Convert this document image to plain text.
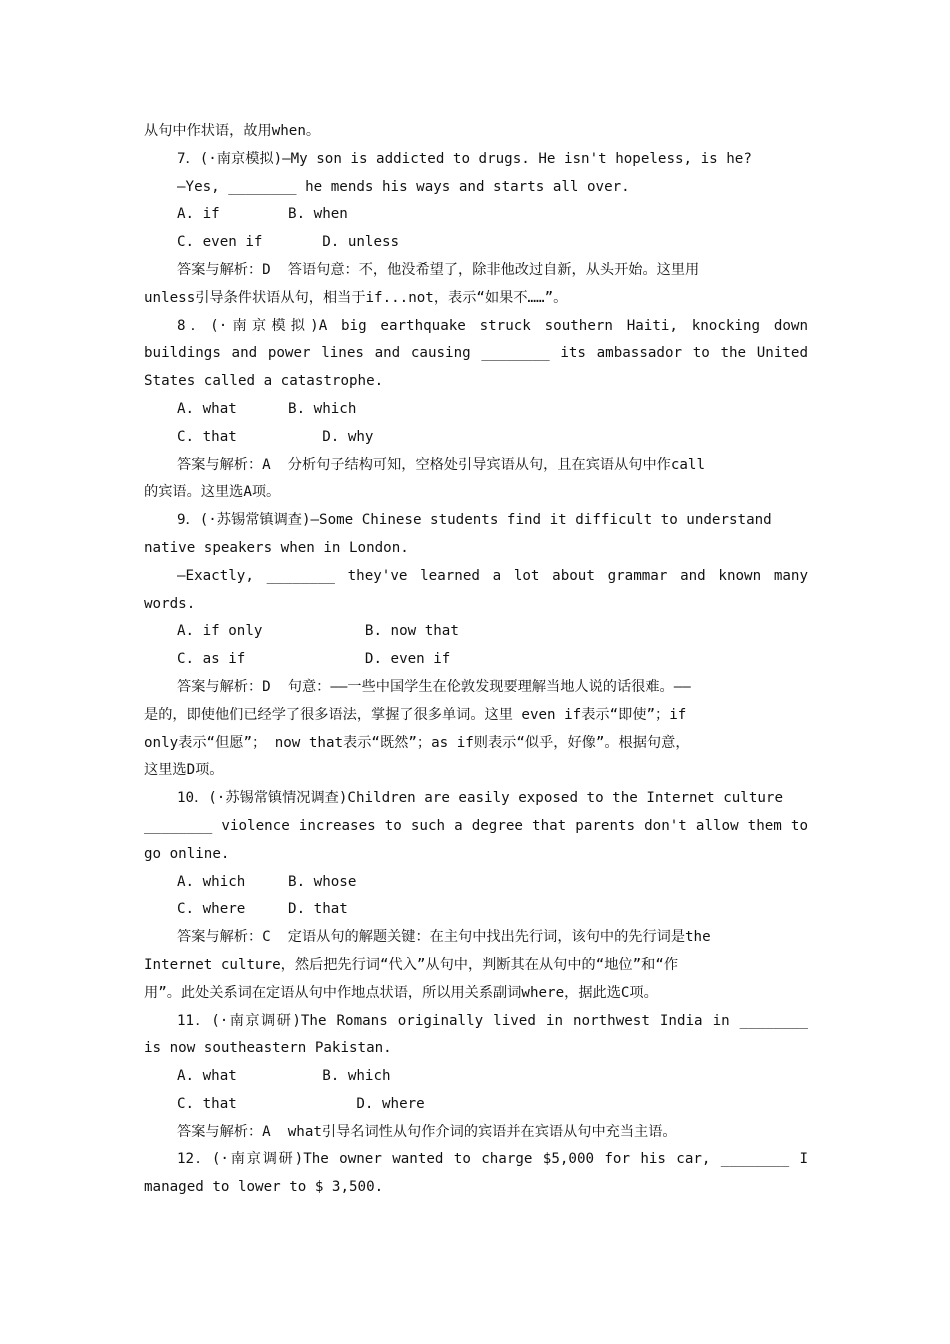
从句中作状语，故用when。
7．(·南京模拟)—My son is addicted to drugs. He isn't hopeless, is he?
—Yes, ________ he mends his ways and starts all over.
A. if        B. when
C. even if       D. unless
答案与解析：D  答语句意：不，他没希望了，除非他改过自新，从头开始。这里用
unless引导条件状语从句，相当于if...not，表示“如果不……”。
8．(·南京模拟)A big earthquake struck southern Haiti, knocking down
buildings and power lines and causing ________ its ambassador to the United
States called a catastrophe.
A. what      B. which
C. that          D. why
答案与解析：A  分析句子结构可知，空格处引导宾语从句，且在宾语从句中作call
的宾语。这里选A项。
9．(·苏锡常镇调查)—Some Chinese students find it difficult to understand
native speakers when in London.
—Exactly, ________ they've learned a lot about grammar and known many
words.
A. if only            B. now that
C. as if              D. even if
答案与解析：D  句意：——一些中国学生在伦敦发现要理解当地人说的话很难。——
是的，即使他们已经学了很多语法，掌握了很多单词。这里 even if表示“即使”；if
only表示“但愿”； now that表示“既然”；as if则表示“似乎，好像”。根据句意，
这里选D项。
10．(·苏锡常镇情况调查)Children are easily exposed to the Internet culture
________ violence increases to such a degree that parents don't allow them to
go online.
A. which     B. whose
C. where     D. that
答案与解析：C  定语从句的解题关键：在主句中找出先行词，该句中的先行词是the
Internet culture，然后把先行词“代入”从句中，判断其在从句中的“地位”和“作
用”。此处关系词在定语从句中作地点状语，所以用关系副词where，据此选C项。
11．(·南京调研)The Romans originally lived in northwest India in ________
is now southeastern Pakistan.
A. what          B. which
C. that              D. where
答案与解析：A  what引导名词性从句作介词的宾语并在宾语从句中充当主语。
12．(·南京调研)The owner wanted to charge $5,000 for his car, ________ I
managed to lower to $ 3,500.
